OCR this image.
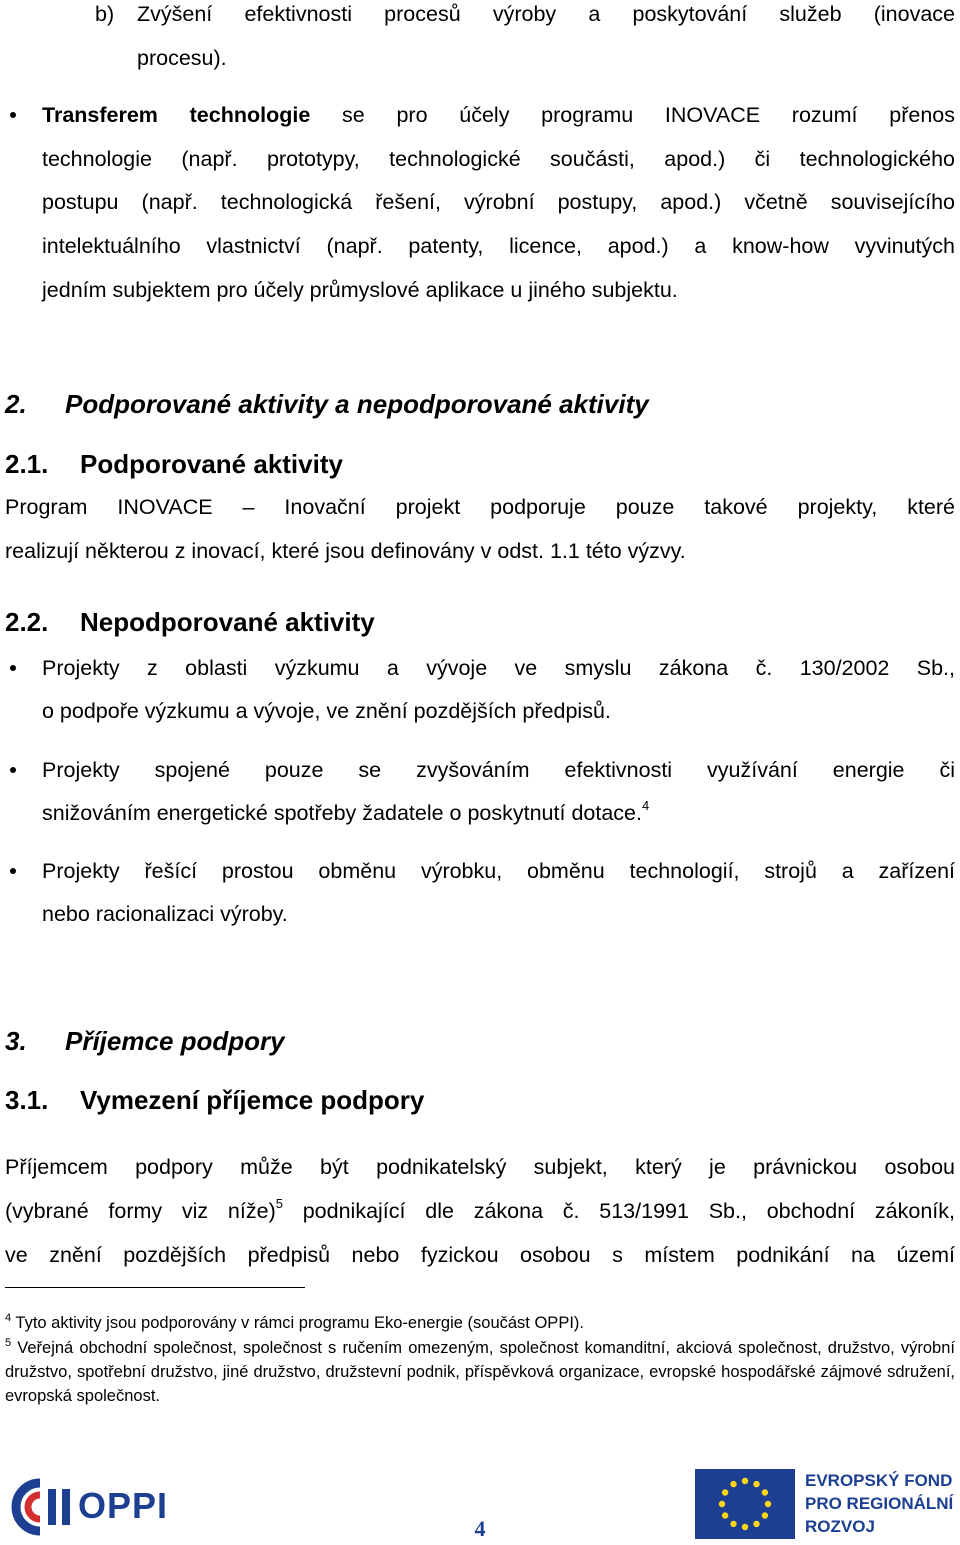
b) Zvýšení efektivnosti procesů výroby a poskytování služeb (inovace
procesu).
Transferem technologie se pro účely programu INOVACE rozumí přenos
technologie (např. prototypy, technologické součásti, apod.) či technologického
postupu (např. technologická řešení, výrobní postupy, apod.) včetně souvisejícího
intelektuálního vlastnictví (např. patenty, licence, apod.) a know-how vyvinutých
jedním subjektem pro účely průmyslové aplikace u jiného subjektu.
2. Podporované aktivity a nepodporované aktivity
2.1. Podporované aktivity
Program INOVACE – Inovační projekt podporuje pouze takové projekty, které
realizují některou z inovací, které jsou definovány v odst. 1.1 této výzvy.
2.2. Nepodporované aktivity
Projekty z oblasti výzkumu a vývoje ve smyslu zákona č. 130/2002 Sb.,
o podpoře výzkumu a vývoje, ve znění pozdějších předpisů.
Projekty spojené pouze se zvyšováním efektivnosti využívání energie či
snižováním energetické spotřeby žadatele o poskytnutí dotace.$^4$
Projekty řešící prostou obměnu výrobku, obměnu technologií, strojů a zařízení
nebo racionalizaci výroby.
3. Příjemce podpory
3.1. Vymezení příjemce podpory
Příjemcem podpory může být podnikatelský subjekt, který je právnickou osobou
(vybrané formy viz níže)$^5$ podnikající dle zákona č. 513/1991 Sb., obchodní zákoník,
ve znění pozdějších předpisů nebo fyzickou osobou s místem podnikání na území
$^4$ Tyto aktivity jsou podporovány v rámci programu Eko-energie (součást OPPI).
$^5$ Veřejná obchodní společnost, společnost s ručením omezeným, společnost komanditní, akciová společnost, družstvo, výrobní družstvo, spotřební družstvo, jiné družstvo, družstevní podnik, příspěvková organizace, evropské hospodářské zájmové sdružení, evropská společnost.
OPPI
4
EVROPSKÝ FOND
PRO REGIONÁLNÍ
ROZVOJ
